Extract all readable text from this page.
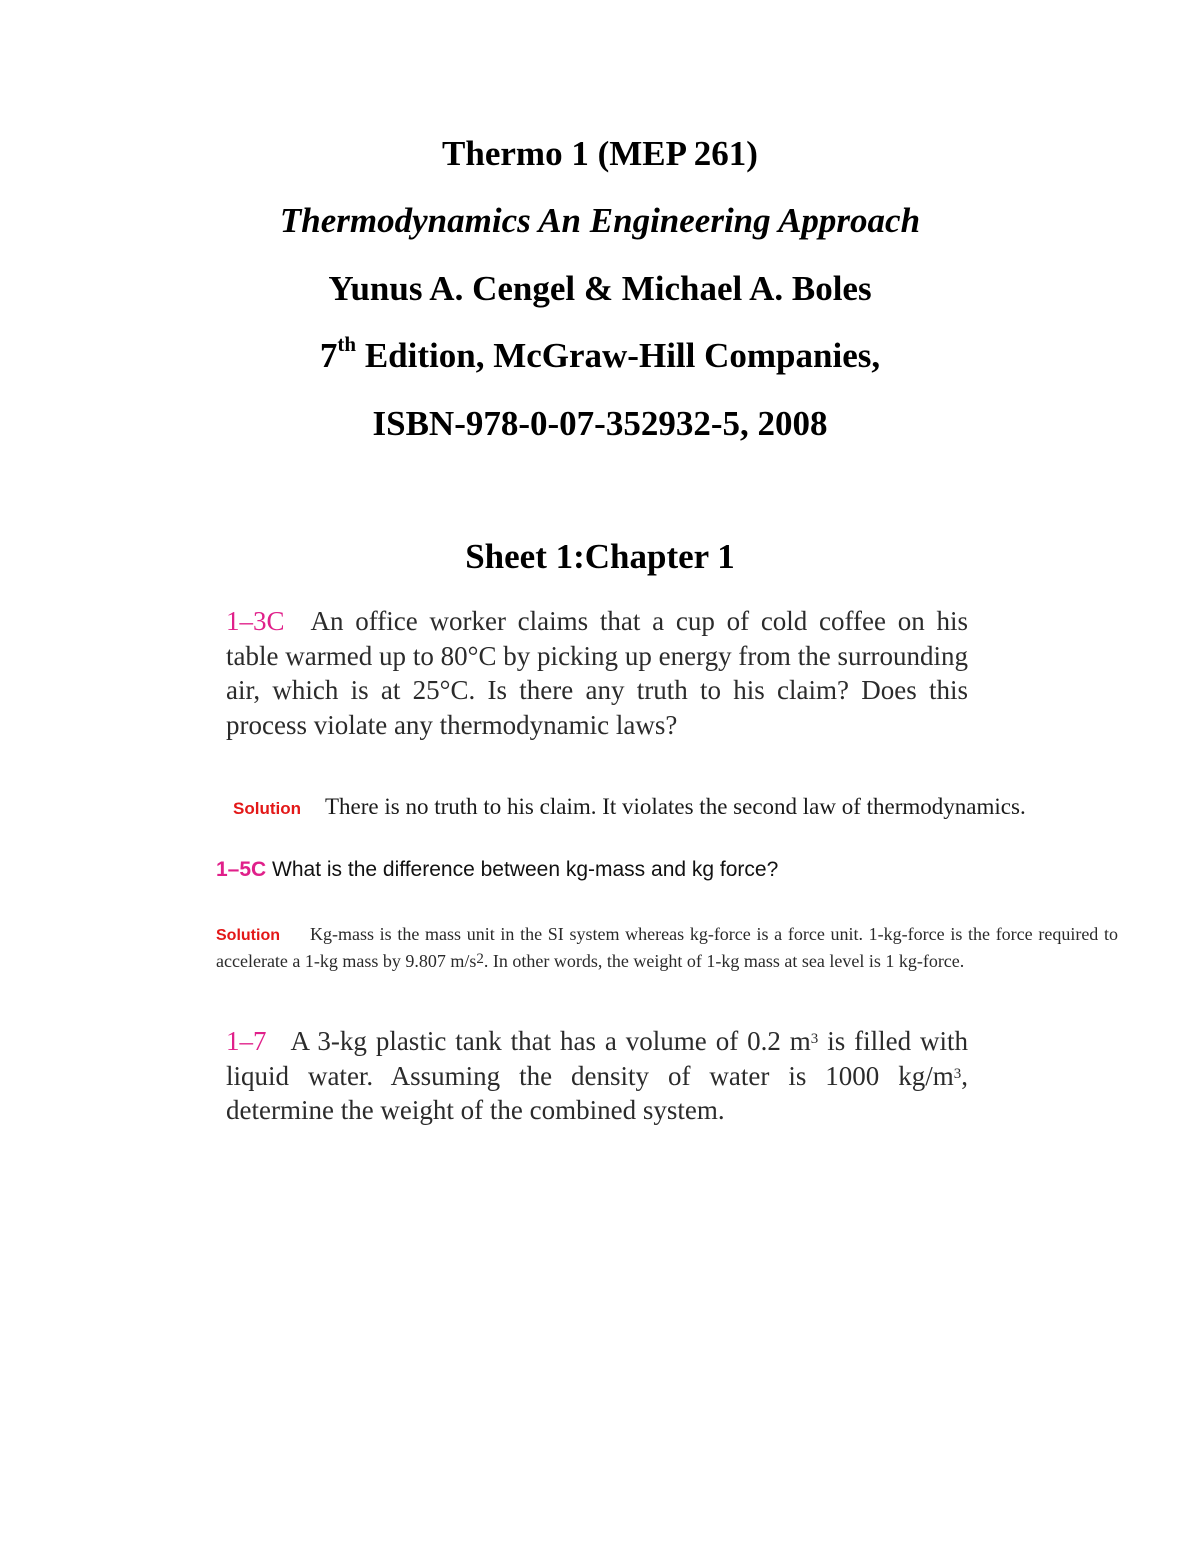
Thermo 1 (MEP 261)
Thermodynamics An Engineering Approach
Yunus A. Cengel & Michael A. Boles
7th Edition, McGraw-Hill Companies,
ISBN-978-0-07-352932-5, 2008
Sheet 1:Chapter 1
1–3C An office worker claims that a cup of cold coffee on his table warmed up to 80°C by picking up energy from the surrounding air, which is at 25°C. Is there any truth to his claim? Does this process violate any thermodynamic laws?
Solution There is no truth to his claim. It violates the second law of thermodynamics.
1–5C What is the difference between kg-mass and kg force?
Solution Kg-mass is the mass unit in the SI system whereas kg-force is a force unit. 1-kg-force is the force required to accelerate a 1-kg mass by 9.807 $m/s^2$. In other words, the weight of 1-kg mass at sea level is 1 kg-force.
1–7 A 3-kg plastic tank that has a volume of 0.2 $m^3$ is filled with liquid water. Assuming the density of water is 1000 $kg/m^3$, determine the weight of the combined system.
